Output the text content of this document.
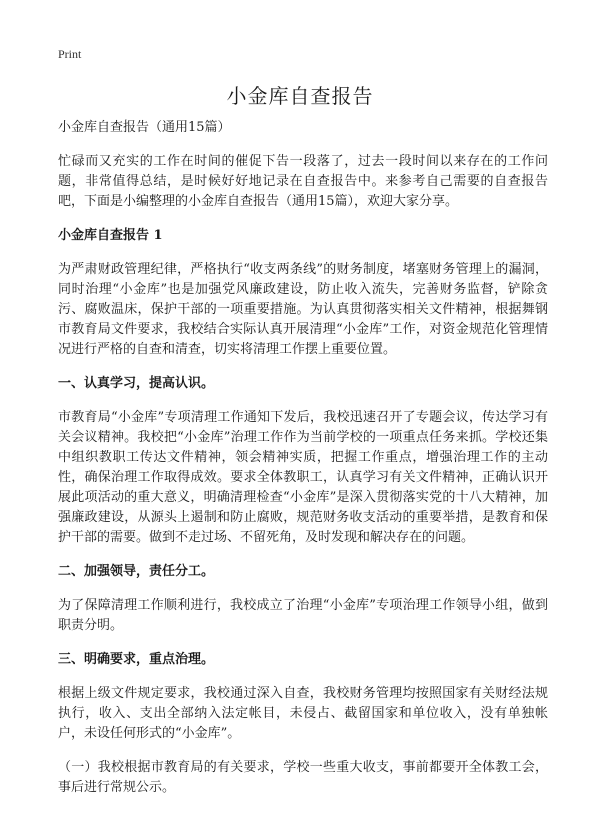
Print
小金库自查报告
小金库自查报告（通用15篇）

忙碌而又充实的工作在时间的催促下告一段落了，过去一段时间以来存在的工作问题，非常值得总结，是时候好好地记录在自查报告中。来参考自己需要的自查报告吧，下面是小编整理的小金库自查报告（通用15篇），欢迎大家分享。

小金库自查报告 1

为严肃财政管理纪律，严格执行“收支两条线”的财务制度，堵塞财务管理上的漏洞，同时治理“小金库”也是加强党风廉政建设，防止收入流失，完善财务监督，铲除贪污、腐败温床，保护干部的一项重要措施。为认真贯彻落实相关文件精神，根据舞钢市教育局文件要求，我校结合实际认真开展清理“小金库”工作，对资金规范化管理情况进行严格的自查和清查，切实将清理工作摆上重要位置。

一、认真学习，提高认识。

市教育局“小金库”专项清理工作通知下发后，我校迅速召开了专题会议，传达学习有关会议精神。我校把“小金库”治理工作作为当前学校的一项重点任务来抓。学校还集中组织教职工传达文件精神，领会精神实质，把握工作重点，增强治理工作的主动性，确保治理工作取得成效。要求全体教职工，认真学习有关文件精神，正确认识开展此项活动的重大意义，明确清理检查“小金库”是深入贯彻落实党的十八大精神，加强廉政建设，从源头上遏制和防止腐败，规范财务收支活动的重要举措，是教育和保护干部的需要。做到不走过场、不留死角，及时发现和解决存在的问题。

二、加强领导，责任分工。

为了保障清理工作顺利进行，我校成立了治理“小金库”专项治理工作领导小组，做到职责分明。

三、明确要求，重点治理。

根据上级文件规定要求，我校通过深入自查，我校财务管理均按照国家有关财经法规执行，收入、支出全部纳入法定帐目，未侵占、截留国家和单位收入，没有单独帐户，未设任何形式的“小金库”。

（一）我校根据市教育局的有关要求，学校一些重大收支，事前都要开全体教工会，事后进行常规公示。
